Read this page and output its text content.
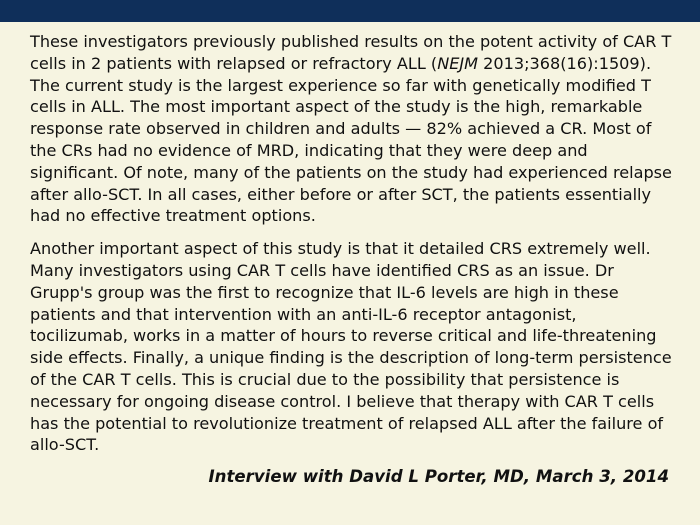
These investigators previously published results on the potent activity of CAR T cells in 2 patients with relapsed or refractory ALL (NEJM 2013;368(16):1509). The current study is the largest experience so far with genetically modified T cells in ALL. The most important aspect of the study is the high, remarkable response rate observed in children and adults — 82% achieved a CR. Most of the CRs had no evidence of MRD, indicating that they were deep and significant. Of note, many of the patients on the study had experienced relapse after allo-SCT. In all cases, either before or after SCT, the patients essentially had no effective treatment options.

Another important aspect of this study is that it detailed CRS extremely well. Many investigators using CAR T cells have identified CRS as an issue. Dr Grupp's group was the first to recognize that IL-6 levels are high in these patients and that intervention with an anti-IL-6 receptor antagonist, tocilizumab, works in a matter of hours to reverse critical and life-threatening side effects. Finally, a unique finding is the description of long-term persistence of the CAR T cells. This is crucial due to the possibility that persistence is necessary for ongoing disease control. I believe that therapy with CAR T cells has the potential to revolutionize treatment of relapsed ALL after the failure of allo-SCT.

Interview with David L Porter, MD, March 3, 2014
